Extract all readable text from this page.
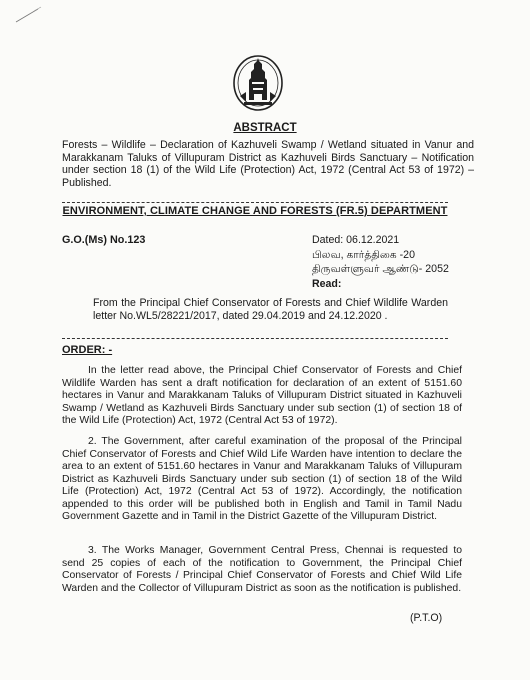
ABSTRACT

Forests – Wildlife – Declaration of Kazhuveli Swamp / Wetland situated in Vanur and Marakkanam Taluks of Villupuram District as Kazhuveli Birds Sanctuary – Notification under section 18 (1) of the Wild Life (Protection) Act, 1972 (Central Act 53 of 1972) – Published.

ENVIRONMENT, CLIMATE CHANGE AND FORESTS (FR.5) DEPARTMENT
G.O.(Ms) No.123	Dated: 06.12.2021
பிலவ, கார்த்திகை -20
திருவள்ளுவர் ஆண்டு- 2052
Read:

From the Principal Chief Conservator of Forests and Chief Wildlife Warden letter No.WL5/28221/2017, dated 29.04.2019 and 24.12.2020 .

ORDER: -

In the letter read above, the Principal Chief Conservator of Forests and Chief Wildlife Warden has sent a draft notification for declaration of an extent of 5151.60 hectares in Vanur and Marakkanam Taluks of Villupuram District situated in Kazhuveli Swamp / Wetland as Kazhuveli Birds Sanctuary under sub section (1) of section 18 of the Wild Life (Protection) Act, 1972 (Central Act 53 of 1972).

2. The Government, after careful examination of the proposal of the Principal Chief Conservator of Forests and Chief Wild Life Warden have intention to declare the area to an extent of 5151.60 hectares in Vanur and Marakkanam Taluks of Villupuram District as Kazhuveli Birds Sanctuary under sub section (1) of section 18 of the Wild Life (Protection) Act, 1972 (Central Act 53 of 1972). Accordingly, the notification appended to this order will be published both in English and Tamil in Tamil Nadu Government Gazette and in Tamil in the District Gazette of the Villupuram District.

3. The Works Manager, Government Central Press, Chennai is requested to send 25 copies of each of the notification to Government, the Principal Chief Conservator of Forests / Principal Chief Conservator of Forests and Chief Wild Life Warden and the Collector of Villupuram District as soon as the notification is published.

(P.T.O)
